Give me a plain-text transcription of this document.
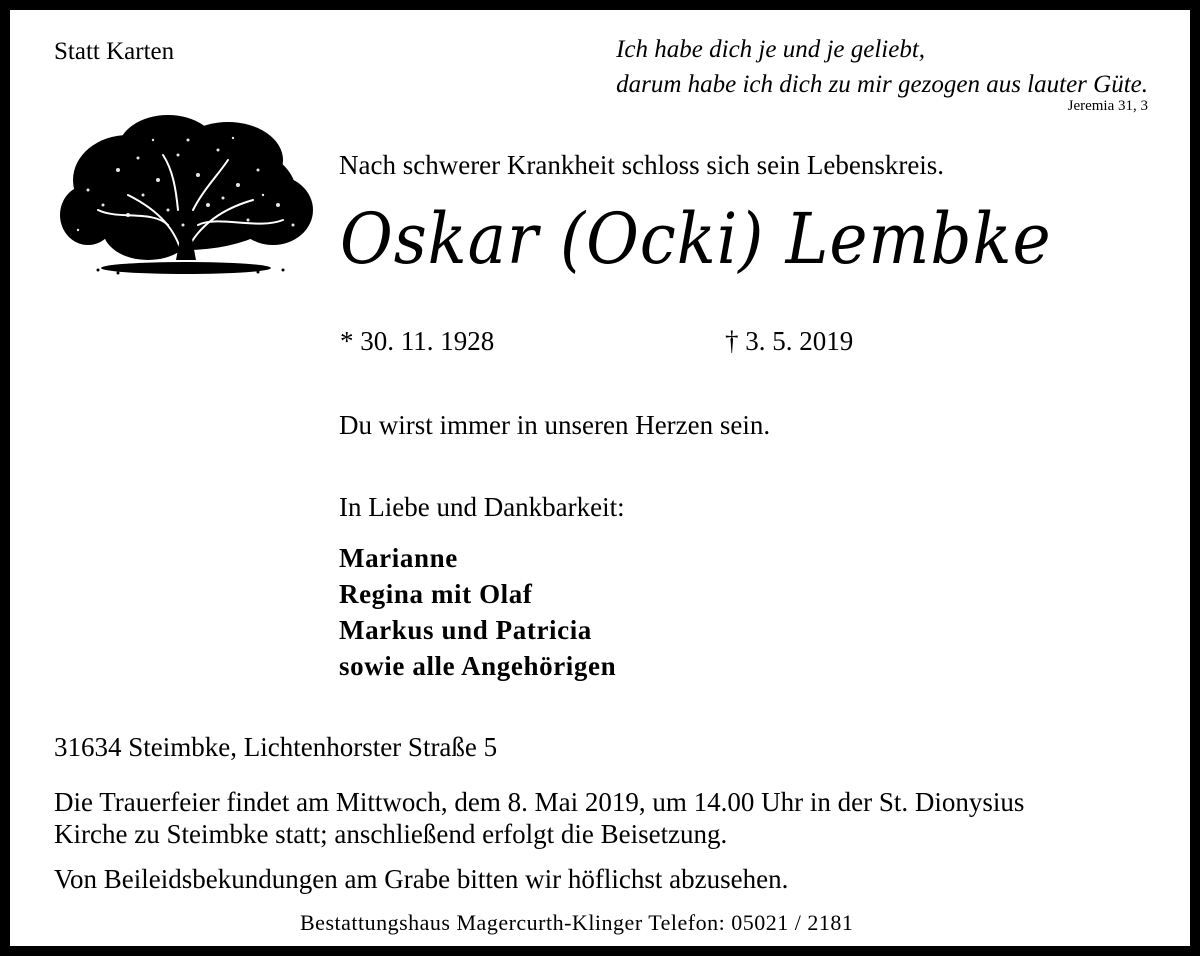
Statt Karten	Ich habe dich je und je geliebt,
darum habe ich dich zu mir gezogen aus lauter Güte.
Jeremia 31, 3
Nach schwerer Krankheit schloss sich sein Lebenskreis.
Oskar (Ocki) Lembke
* 30. 11. 1928	† 3. 5. 2019
Du wirst immer in unseren Herzen sein.
In Liebe und Dankbarkeit:
Marianne
Regina mit Olaf
Markus und Patricia
sowie alle Angehörigen
31634 Steimbke, Lichtenhorster Straße 5
Die Trauerfeier findet am Mittwoch, dem 8. Mai 2019, um 14.00 Uhr in der St. Dionysius
Kirche zu Steimbke statt; anschließend erfolgt die Beisetzung.
Von Beileidsbekundungen am Grabe bitten wir höflichst abzusehen.
Bestattungshaus Magercurth-Klinger Telefon: 05021 / 2181
